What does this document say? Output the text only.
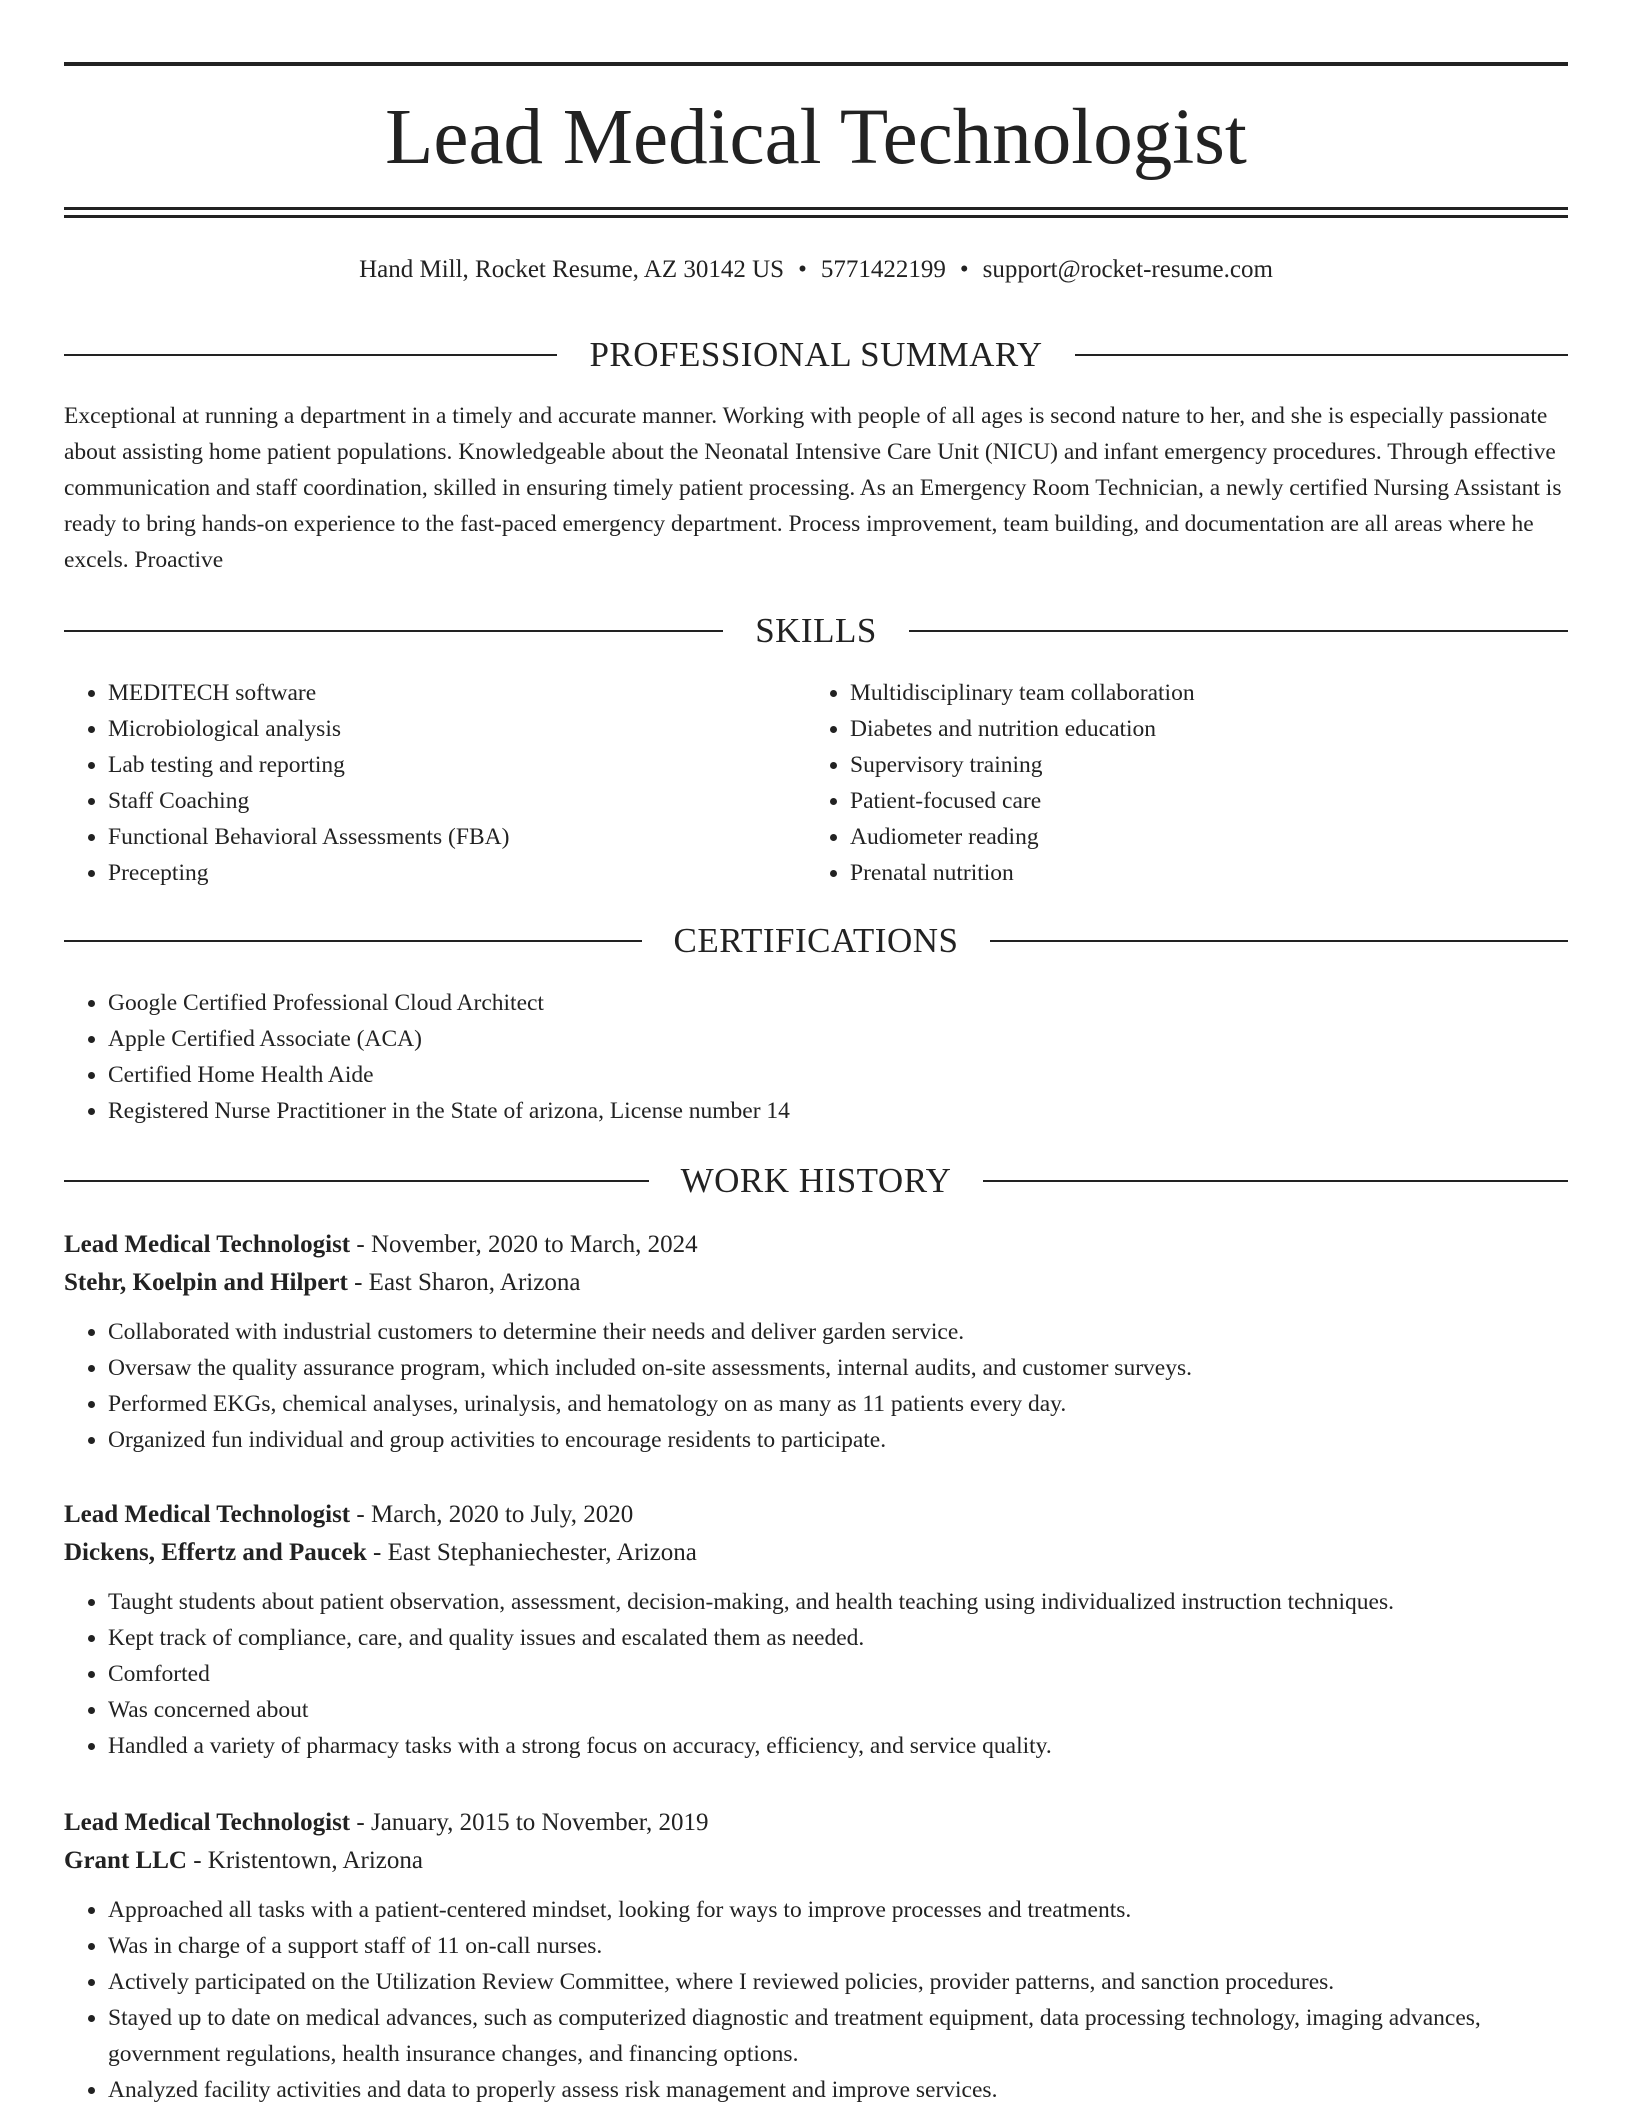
Lead Medical Technologist
Hand Mill, Rocket Resume, AZ 30142 US • 5771422199 • support@rocket-resume.com
PROFESSIONAL SUMMARY

Exceptional at running a department in a timely and accurate manner. Working with people of all ages is second nature to her, and she is especially passionate about assisting home patient populations. Knowledgeable about the Neonatal Intensive Care Unit (NICU) and infant emergency procedures. Through effective communication and staff coordination, skilled in ensuring timely patient processing. As an Emergency Room Technician, a newly certified Nursing Assistant is ready to bring hands-on experience to the fast-paced emergency department. Process improvement, team building, and documentation are all areas where he excels. Proactive

SKILLS
• MEDITECH software
• Microbiological analysis
• Lab testing and reporting
• Staff Coaching
• Functional Behavioral Assessments (FBA)
• Precepting
• Multidisciplinary team collaboration
• Diabetes and nutrition education
• Supervisory training
• Patient-focused care
• Audiometer reading
• Prenatal nutrition
CERTIFICATIONS
• Google Certified Professional Cloud Architect
• Apple Certified Associate (ACA)
• Certified Home Health Aide
• Registered Nurse Practitioner in the State of arizona, License number 14
WORK HISTORY
Lead Medical Technologist - November, 2020 to March, 2024
Stehr, Koelpin and Hilpert - East Sharon, Arizona
• Collaborated with industrial customers to determine their needs and deliver garden service.
• Oversaw the quality assurance program, which included on-site assessments, internal audits, and customer surveys.
• Performed EKGs, chemical analyses, urinalysis, and hematology on as many as 11 patients every day.
• Organized fun individual and group activities to encourage residents to participate.
Lead Medical Technologist - March, 2020 to July, 2020
Dickens, Effertz and Paucek - East Stephaniechester, Arizona
• Taught students about patient observation, assessment, decision-making, and health teaching using individualized instruction techniques.
• Kept track of compliance, care, and quality issues and escalated them as needed.
• Comforted
• Was concerned about
• Handled a variety of pharmacy tasks with a strong focus on accuracy, efficiency, and service quality.
Lead Medical Technologist - January, 2015 to November, 2019
Grant LLC - Kristentown, Arizona
• Approached all tasks with a patient-centered mindset, looking for ways to improve processes and treatments.
• Was in charge of a support staff of 11 on-call nurses.
• Actively participated on the Utilization Review Committee, where I reviewed policies, provider patterns, and sanction procedures.
• Stayed up to date on medical advances, such as computerized diagnostic and treatment equipment, data processing technology, imaging advances, government regulations, health insurance changes, and financing options.
• Analyzed facility activities and data to properly assess risk management and improve services.
